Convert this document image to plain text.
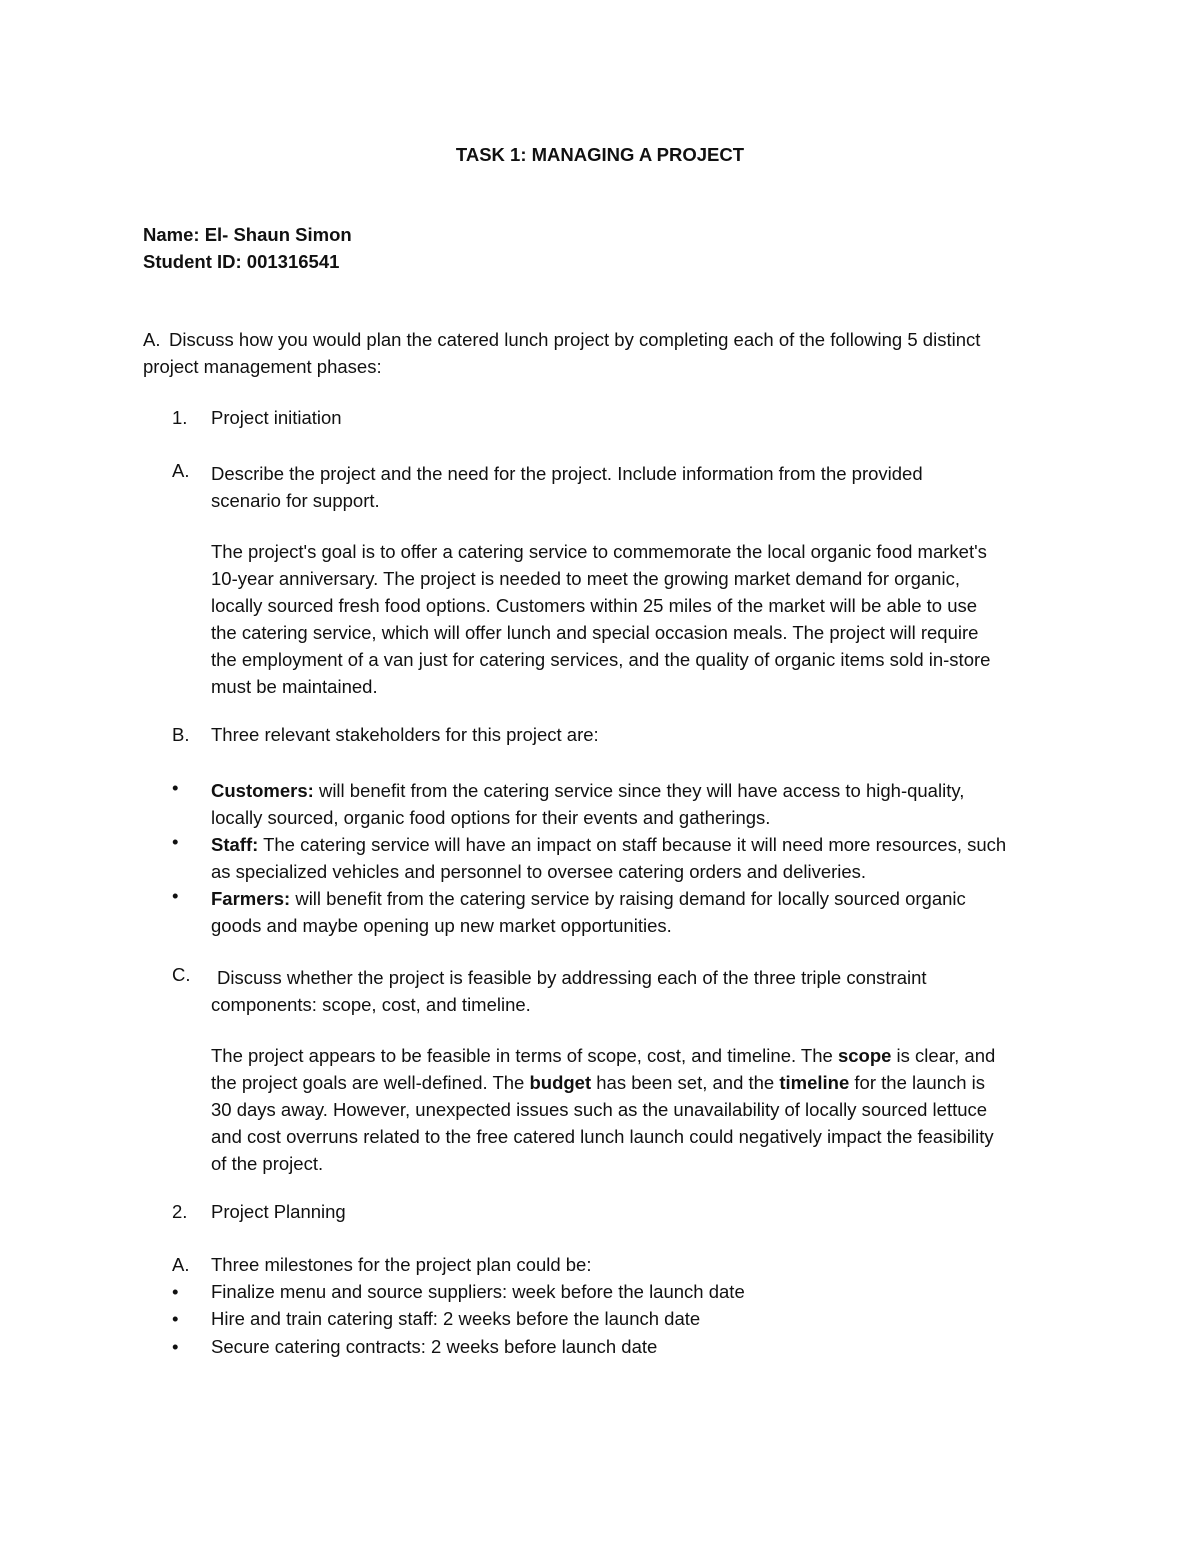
TASK 1: MANAGING A PROJECT
Name: El- Shaun Simon
Student ID: 001316541
A. Discuss how you would plan the catered lunch project by completing each of the following 5 distinct
project management phases:
1. Project initiation
A. Describe the project and the need for the project. Include information from the provided
scenario for support.
The project's goal is to offer a catering service to commemorate the local organic food market's
10-year anniversary. The project is needed to meet the growing market demand for organic,
locally sourced fresh food options. Customers within 25 miles of the market will be able to use
the catering service, which will offer lunch and special occasion meals. The project will require
the employment of a van just for catering services, and the quality of organic items sold in-store
must be maintained.
B. Three relevant stakeholders for this project are:
• Customers: will benefit from the catering service since they will have access to high-quality,
locally sourced, organic food options for their events and gatherings.
• Staff: The catering service will have an impact on staff because it will need more resources, such
as specialized vehicles and personnel to oversee catering orders and deliveries.
• Farmers: will benefit from the catering service by raising demand for locally sourced organic
goods and maybe opening up new market opportunities.
C.	Discuss whether the project is feasible by addressing each of the three triple constraint
components: scope, cost, and timeline.
The project appears to be feasible in terms of scope, cost, and timeline. The scope is clear, and
the project goals are well-defined. The budget has been set, and the timeline for the launch is
30 days away. However, unexpected issues such as the unavailability of locally sourced lettuce
and cost overruns related to the free catered lunch launch could negatively impact the feasibility
of the project.
2. Project Planning
A. Three milestones for the project plan could be:
• Finalize menu and source suppliers: week before the launch date
• Hire and train catering staff: 2 weeks before the launch date
• Secure catering contracts: 2 weeks before launch date
